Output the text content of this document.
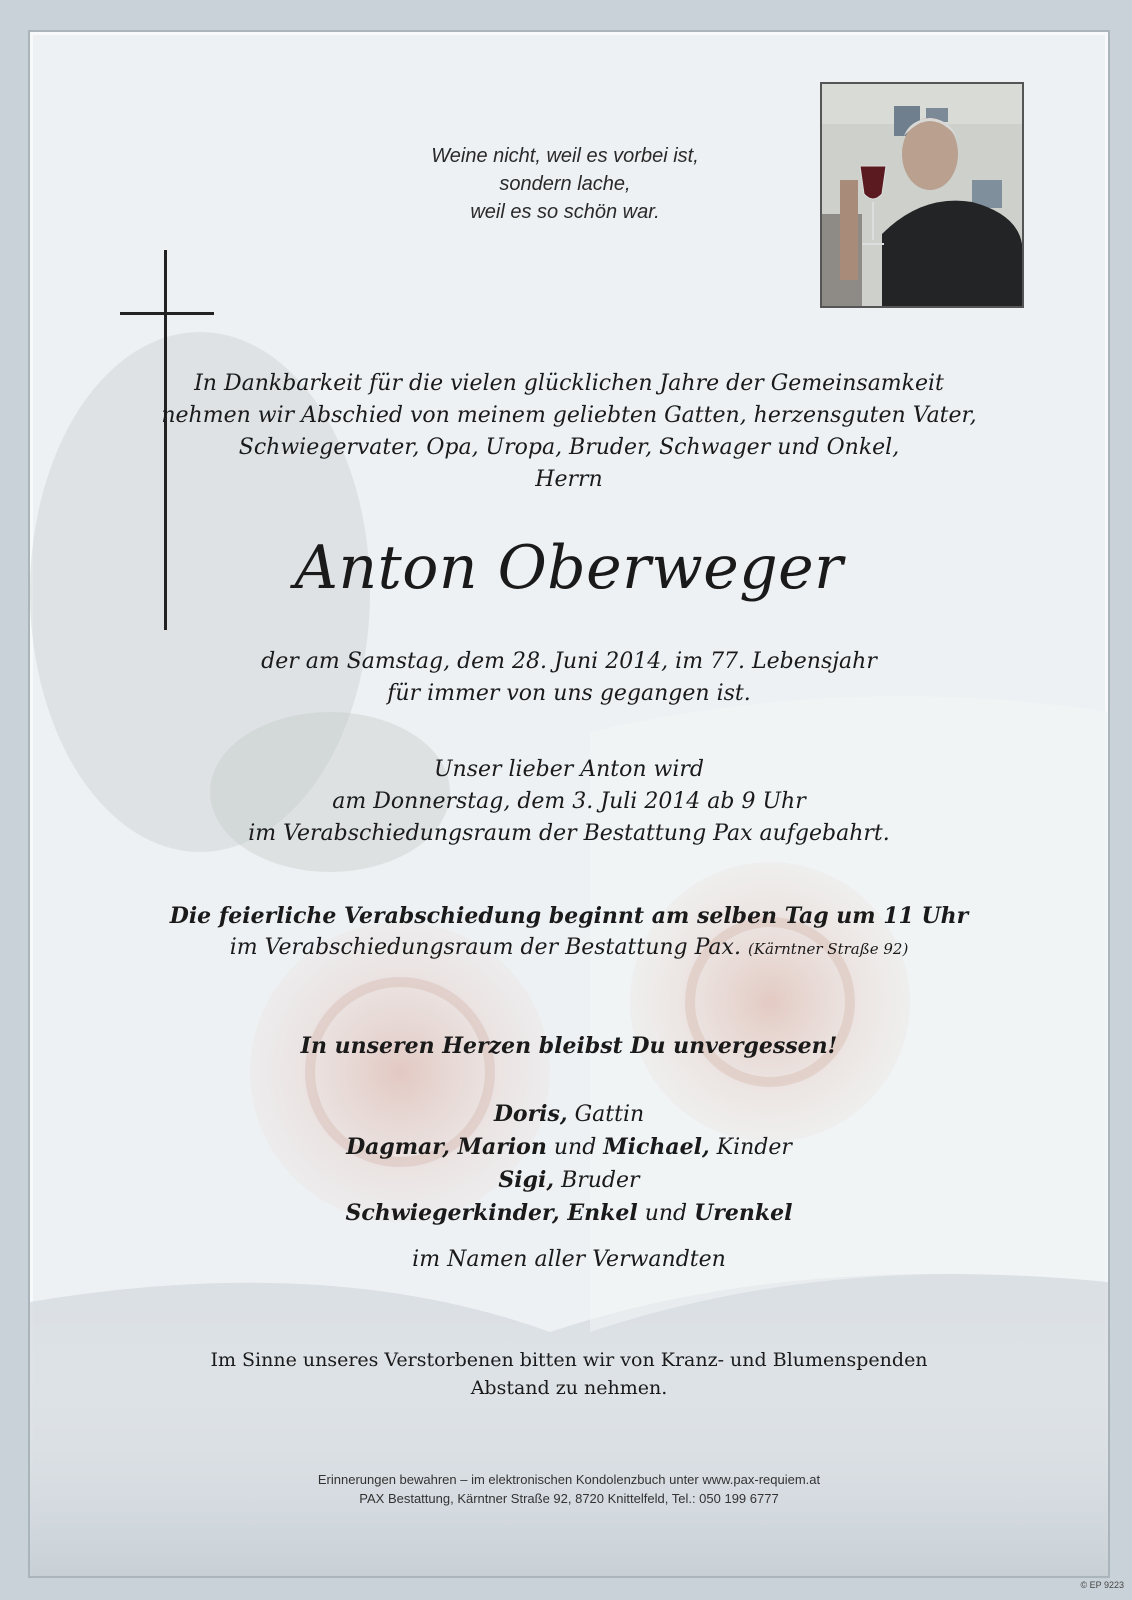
Weine nicht, weil es vorbei ist,
sondern lache,
weil es so schön war.
In Dankbarkeit für die vielen glücklichen Jahre der Gemeinsamkeit
nehmen wir Abschied von meinem geliebten Gatten, herzensguten Vater,
Schwiegervater, Opa, Uropa, Bruder, Schwager und Onkel,
Herrn
Anton Oberweger
der am Samstag, dem 28. Juni 2014, im 77. Lebensjahr
für immer von uns gegangen ist.
Unser lieber Anton wird
am Donnerstag, dem 3. Juli 2014 ab 9 Uhr
im Verabschiedungsraum der Bestattung Pax aufgebahrt.
Die feierliche Verabschiedung beginnt am selben Tag um 11 Uhr
im Verabschiedungsraum der Bestattung Pax. (Kärntner Straße 92)
In unseren Herzen bleibst Du unvergessen!
Doris, Gattin
Dagmar, Marion und Michael, Kinder
Sigi, Bruder
Schwiegerkinder, Enkel und Urenkel
im Namen aller Verwandten
Im Sinne unseres Verstorbenen bitten wir von Kranz- und Blumenspenden
Abstand zu nehmen.
Erinnerungen bewahren – im elektronischen Kondolenzbuch unter www.pax-requiem.at
PAX Bestattung, Kärntner Straße 92, 8720 Knittelfeld, Tel.: 050 199 6777
© EP 9223
